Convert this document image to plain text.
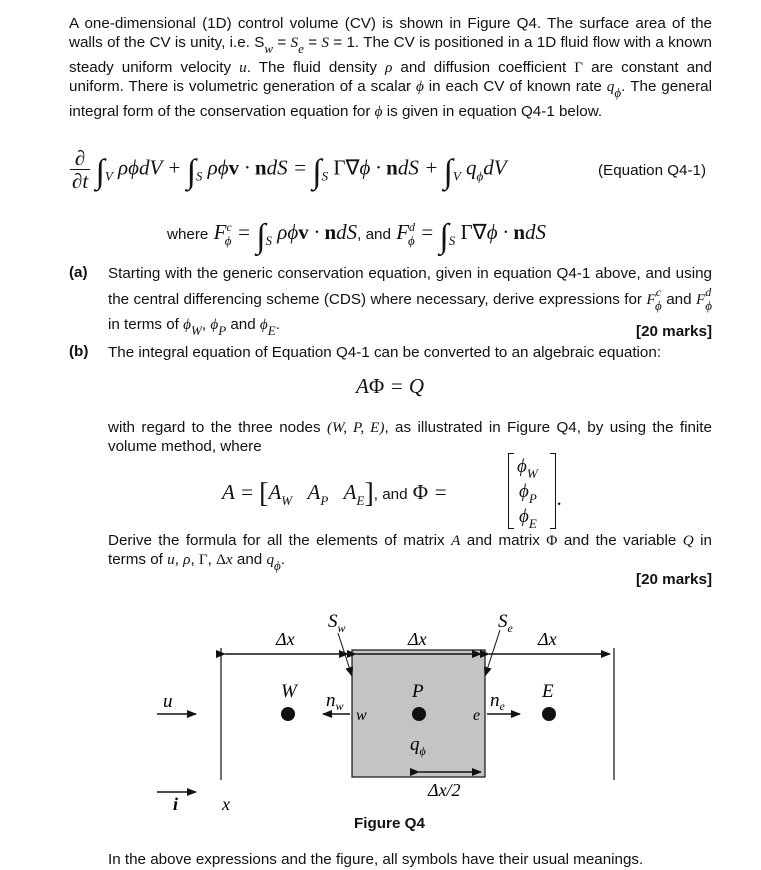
A one-dimensional (1D) control volume (CV) is shown in Figure Q4. The surface area of the walls of the CV is unity, i.e. Sw = Se = S = 1. The CV is positioned in a 1D fluid flow with a known steady uniform velocity u. The fluid density ρ and diffusion coefficient Γ are constant and uniform. There is volumetric generation of a scalar ϕ in each CV of known rate qϕ. The general integral form of the conservation equation for ϕ is given in equation Q4-1 below.
∂
∂t $\int_V$ $\rho\phi dV + \int_S$ ρϕv · ndS = $\int_S$ Γ∇ϕ · ndS + $\int_V$ $q_\phi dV$	(Equation Q4-1)
where $F^c_\phi = \int_S$ ρϕv · ndS, and $F^d_\phi = \int_S$ Γ∇ϕ · ndS
(a) Starting with the generic conservation equation, given in equation Q4-1 above, and using the central differencing scheme (CDS) where necessary, derive expressions for $F^c\phi$ and $F^d\phi$ in terms of ϕW, ϕP and ϕE.	[20 marks]
(b) The integral equation of Equation Q4-1 can be converted to an algebraic equation:
AΦ = Q
with regard to the three nodes (W, P, E), as illustrated in Figure Q4, by using the finite volume method, where
$A = [A_W$   $A_P$   $A_E$], and Φ =
$\phi_W$
$\phi_P$
$\phi_E$
.
Derive the formula for all the elements of matrix A and matrix Φ and the variable Q in terms of u, ρ, Γ, Δx and qϕ.
[20 marks]
Δx	Δx	Δx
$S_w$	$S_e$
u	W	P	E
w	e
$n_w$	$n_e$
$q_\phi$
Δx/2
i x
Figure Q4
In the above expressions and the figure, all symbols have their usual meanings.
